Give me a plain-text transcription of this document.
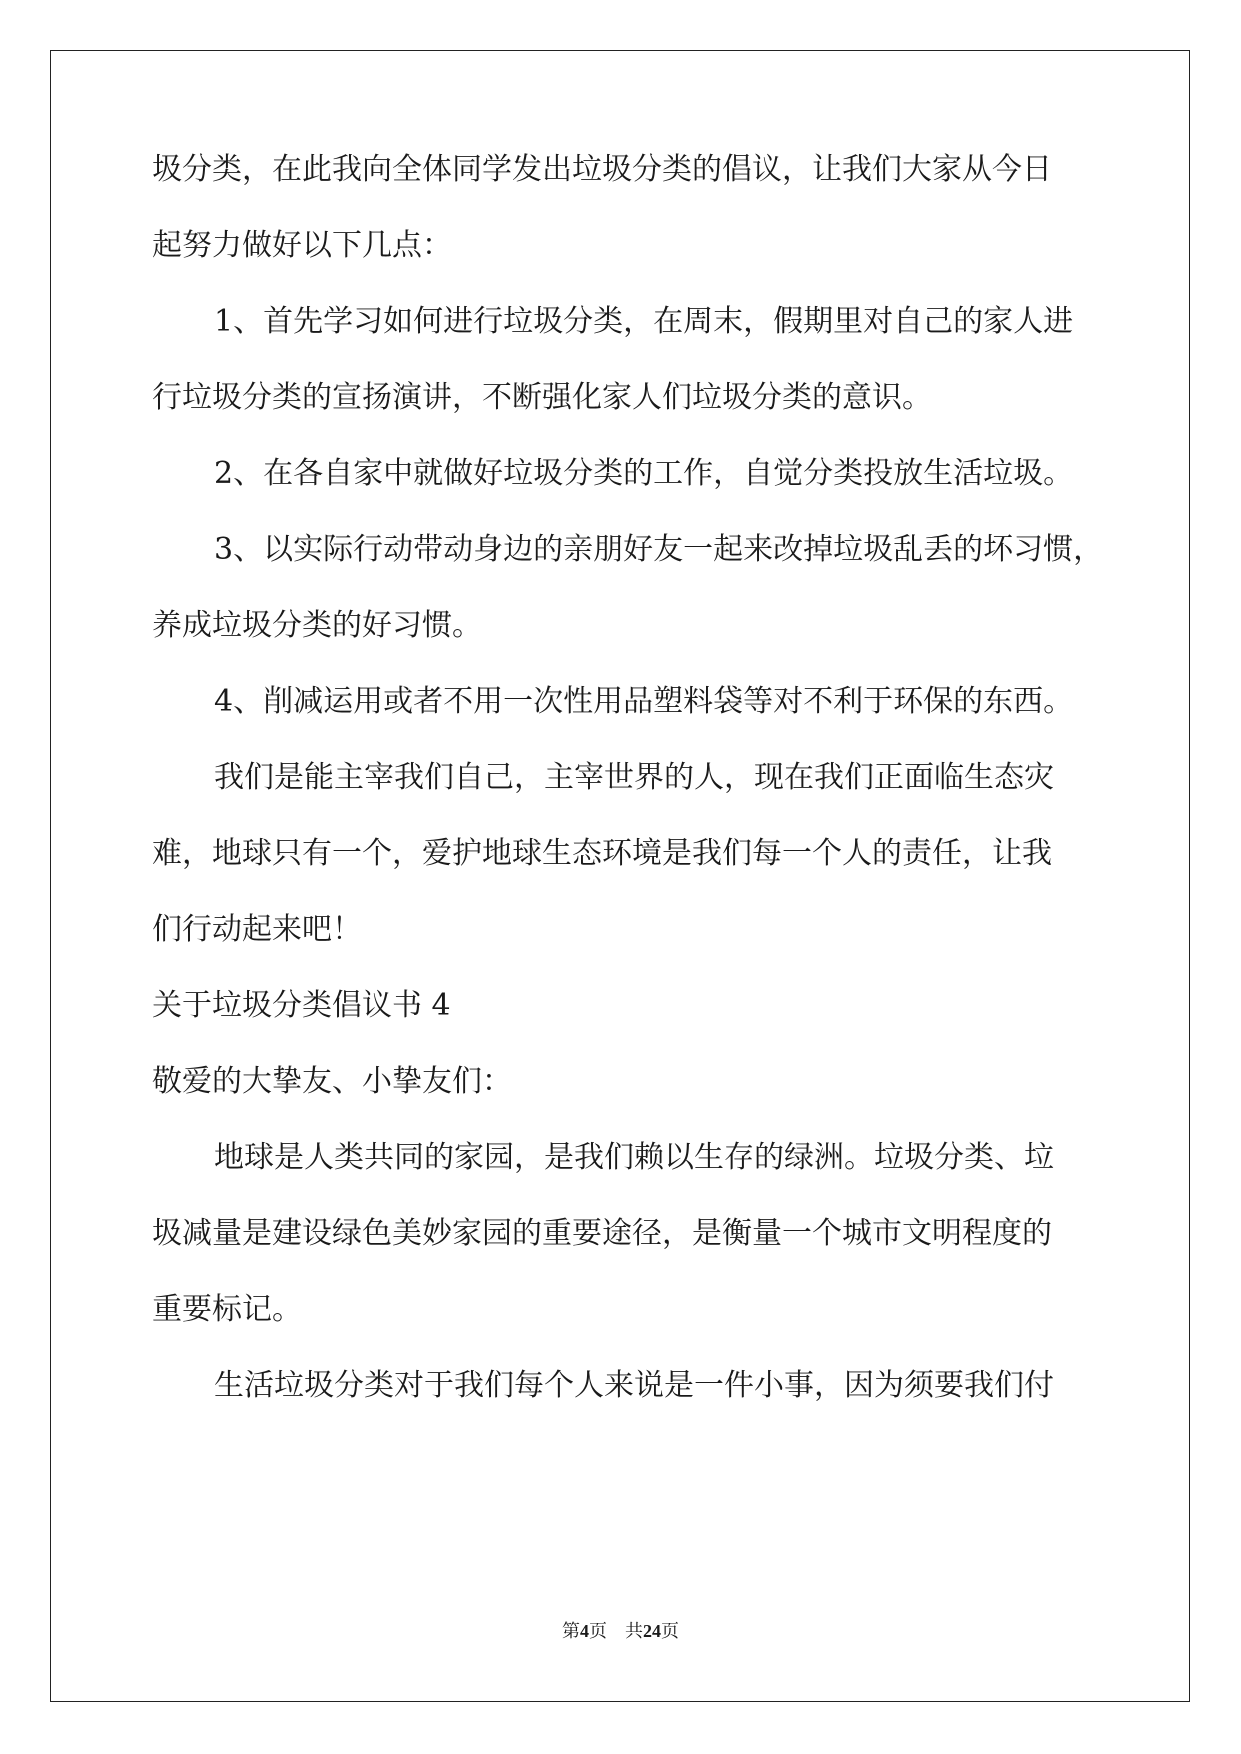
圾分类，在此我向全体同学发出垃圾分类的倡议，让我们大家从今日
起努力做好以下几点：
1、首先学习如何进行垃圾分类，在周末，假期里对自己的家人进
行垃圾分类的宣扬演讲，不断强化家人们垃圾分类的意识。
2、在各自家中就做好垃圾分类的工作，自觉分类投放生活垃圾。
3、以实际行动带动身边的亲朋好友一起来改掉垃圾乱丢的坏习惯，
养成垃圾分类的好习惯。
4、削减运用或者不用一次性用品塑料袋等对不利于环保的东西。
我们是能主宰我们自己，主宰世界的人，现在我们正面临生态灾
难，地球只有一个，爱护地球生态环境是我们每一个人的责任，让我
们行动起来吧！
关于垃圾分类倡议书 4
敬爱的大挚友、小挚友们：
地球是人类共同的家园，是我们赖以生存的绿洲。垃圾分类、垃
圾减量是建设绿色美妙家园的重要途径，是衡量一个城市文明程度的
重要标记。
生活垃圾分类对于我们每个人来说是一件小事，因为须要我们付
第4页 共24页
